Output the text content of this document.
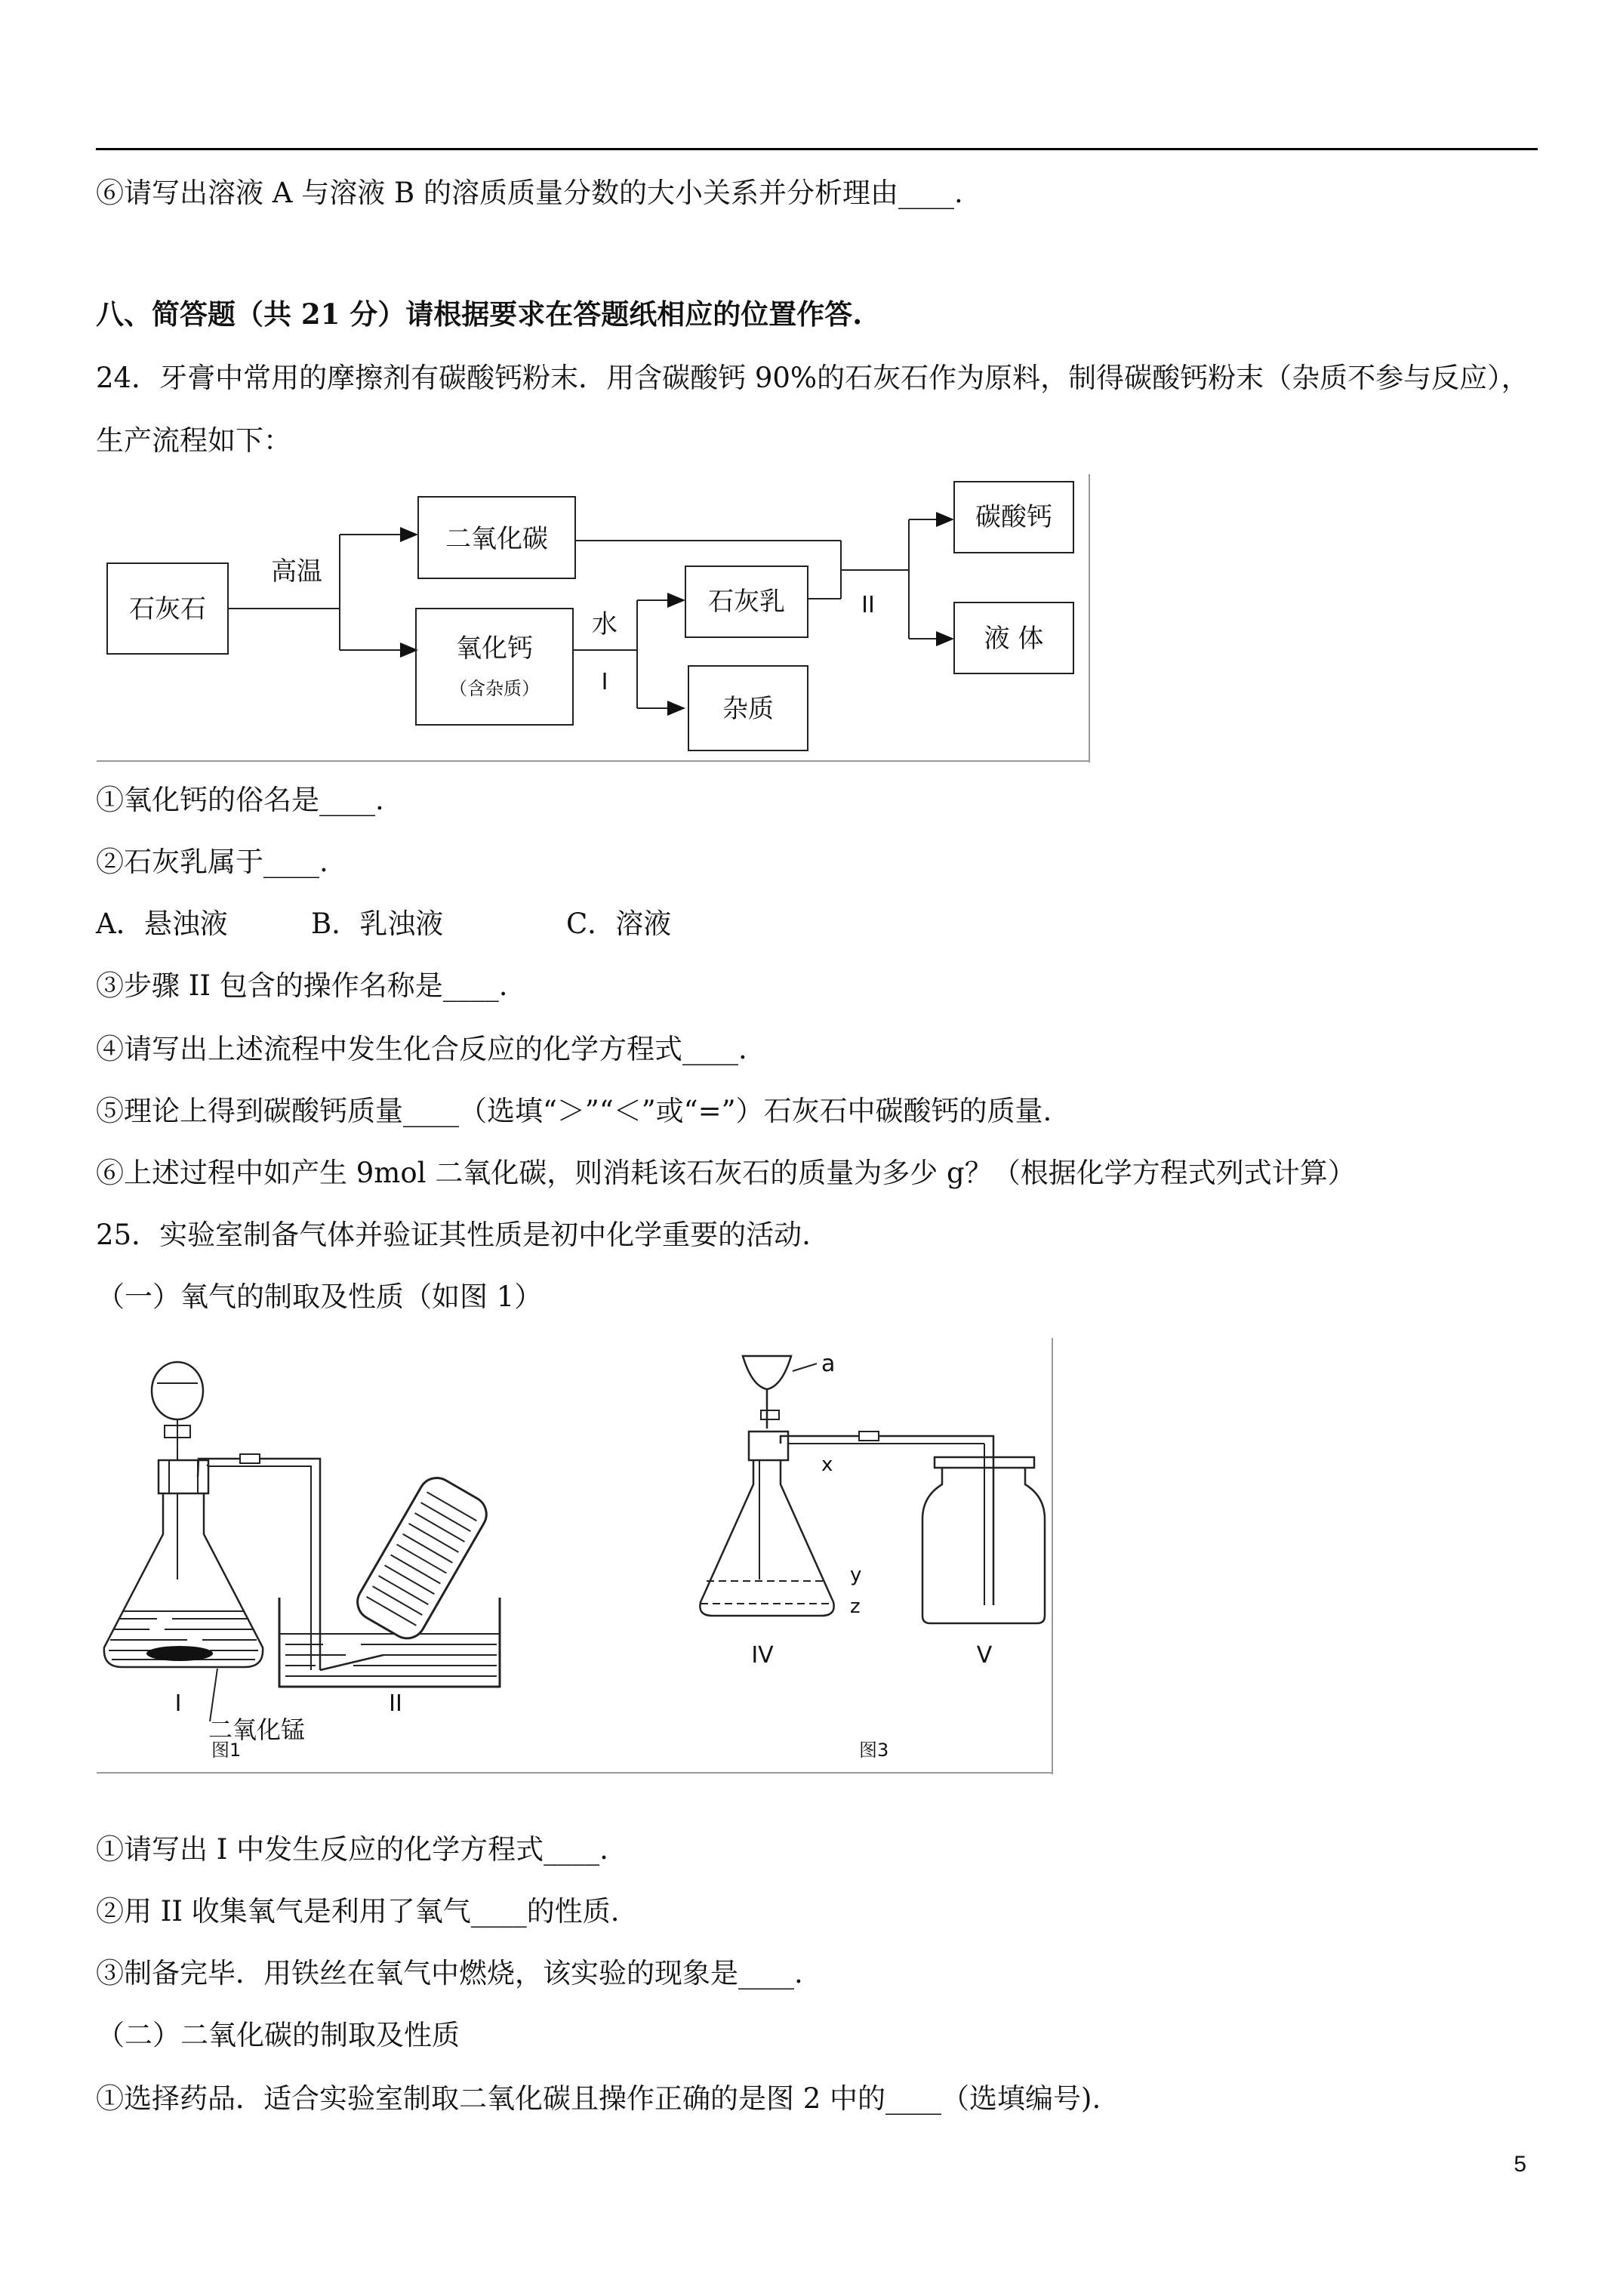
⑥请写出溶液 A 与溶液 B 的溶质质量分数的大小关系并分析理由____.
八、简答题（共 21 分）请根据要求在答题纸相应的位置作答.
24．牙膏中常用的摩擦剂有碳酸钙粉末．用含碳酸钙 90%的石灰石作为原料，制得碳酸钙粉末（杂质不参与反应），
生产流程如下：
石灰石
高温
二氧化碳
氧化钙
（含杂质）
水
I
石灰乳
杂质
II
碳酸钙
液 体
①氧化钙的俗名是____.
②石灰乳属于____.
A．悬浊液	B．乳浊液	C．溶液
③步骤 II 包含的操作名称是____.
④请写出上述流程中发生化合反应的化学方程式____.
⑤理论上得到碳酸钙质量____（选填“＞”“＜”或“=”）石灰石中碳酸钙的质量.
⑥上述过程中如产生 9mol 二氧化碳，则消耗该石灰石的质量为多少 g？（根据化学方程式列式计算）
25．实验室制备气体并验证其性质是初中化学重要的活动.
（一）氧气的制取及性质（如图 1）
I
二氧化锰
II
图1
a
x
y
z
IV	V
图3
①请写出 I 中发生反应的化学方程式____.
②用 II 收集氧气是利用了氧气____的性质.
③制备完毕．用铁丝在氧气中燃烧，该实验的现象是____.
（二）二氧化碳的制取及性质
①选择药品．适合实验室制取二氧化碳且操作正确的是图 2 中的____（选填编号).
5
